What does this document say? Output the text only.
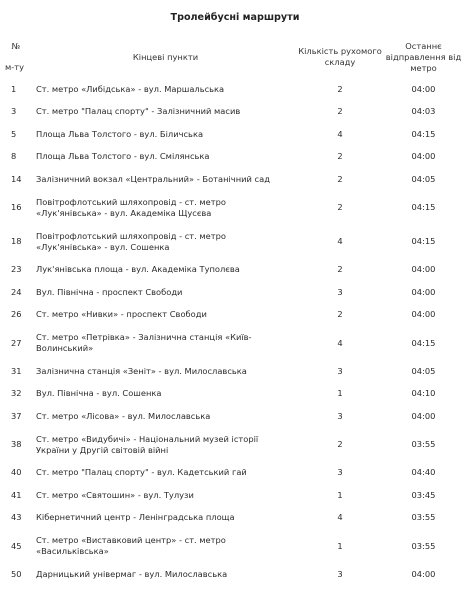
Тролейбусні маршрути
№
м-ту	Кінцеві пункти	Кількість рухомого складу	Останнє відправлення від метро
1	Ст. метро «Либідська» - вул. Маршальська	2	04:00
3	Ст. метро "Палац спорту" - Залізничний масив	2	04:03
5	Площа Льва Толстого - вул. Біличська	4	04:15
8	Площа Льва Толстого - вул. Смілянська	2	04:00
14	Залізничний вокзал «Центральний» - Ботанічний сад	2	04:05
16	Повітрофлотський шляхопровід - ст. метро «Лук'янівська» - вул. Академіка Щусєва	2	04:15
18	Повітрофлотський шляхопровід - ст. метро «Лук'янівська» - вул. Сошенка	4	04:15
23	Лук'янівська площа - вул. Академіка Туполєва	2	04:00
24	Вул. Північна - проспект Свободи	3	04:00
26	Ст. метро «Нивки» - проспект Свободи	2	04:00
27	Ст. метро «Петрівка» - Залізнична станція «Київ-Волинський»	4	04:15
31	Залізнична станція «Зеніт» - вул. Милославська	3	04:05
32	Вул. Північна - вул. Сошенка	1	04:10
37	Ст. метро «Лісова» - вул. Милославська	3	04:00
38	Ст. метро «Видубичі» - Національний музей історії України у Другій світовій війні	2	03:55
40	Ст. метро "Палац спорту" - вул. Кадетський гай	3	04:40
41	Ст. метро «Святошин» - вул. Тулузи	1	03:45
43	Кібернетичний центр - Ленінградська площа	4	03:55
45	Ст. метро «Виставковий центр» - ст. метро «Васильківська»	1	03:55
50	Дарницький універмаг - вул. Милославська	3	04:00
